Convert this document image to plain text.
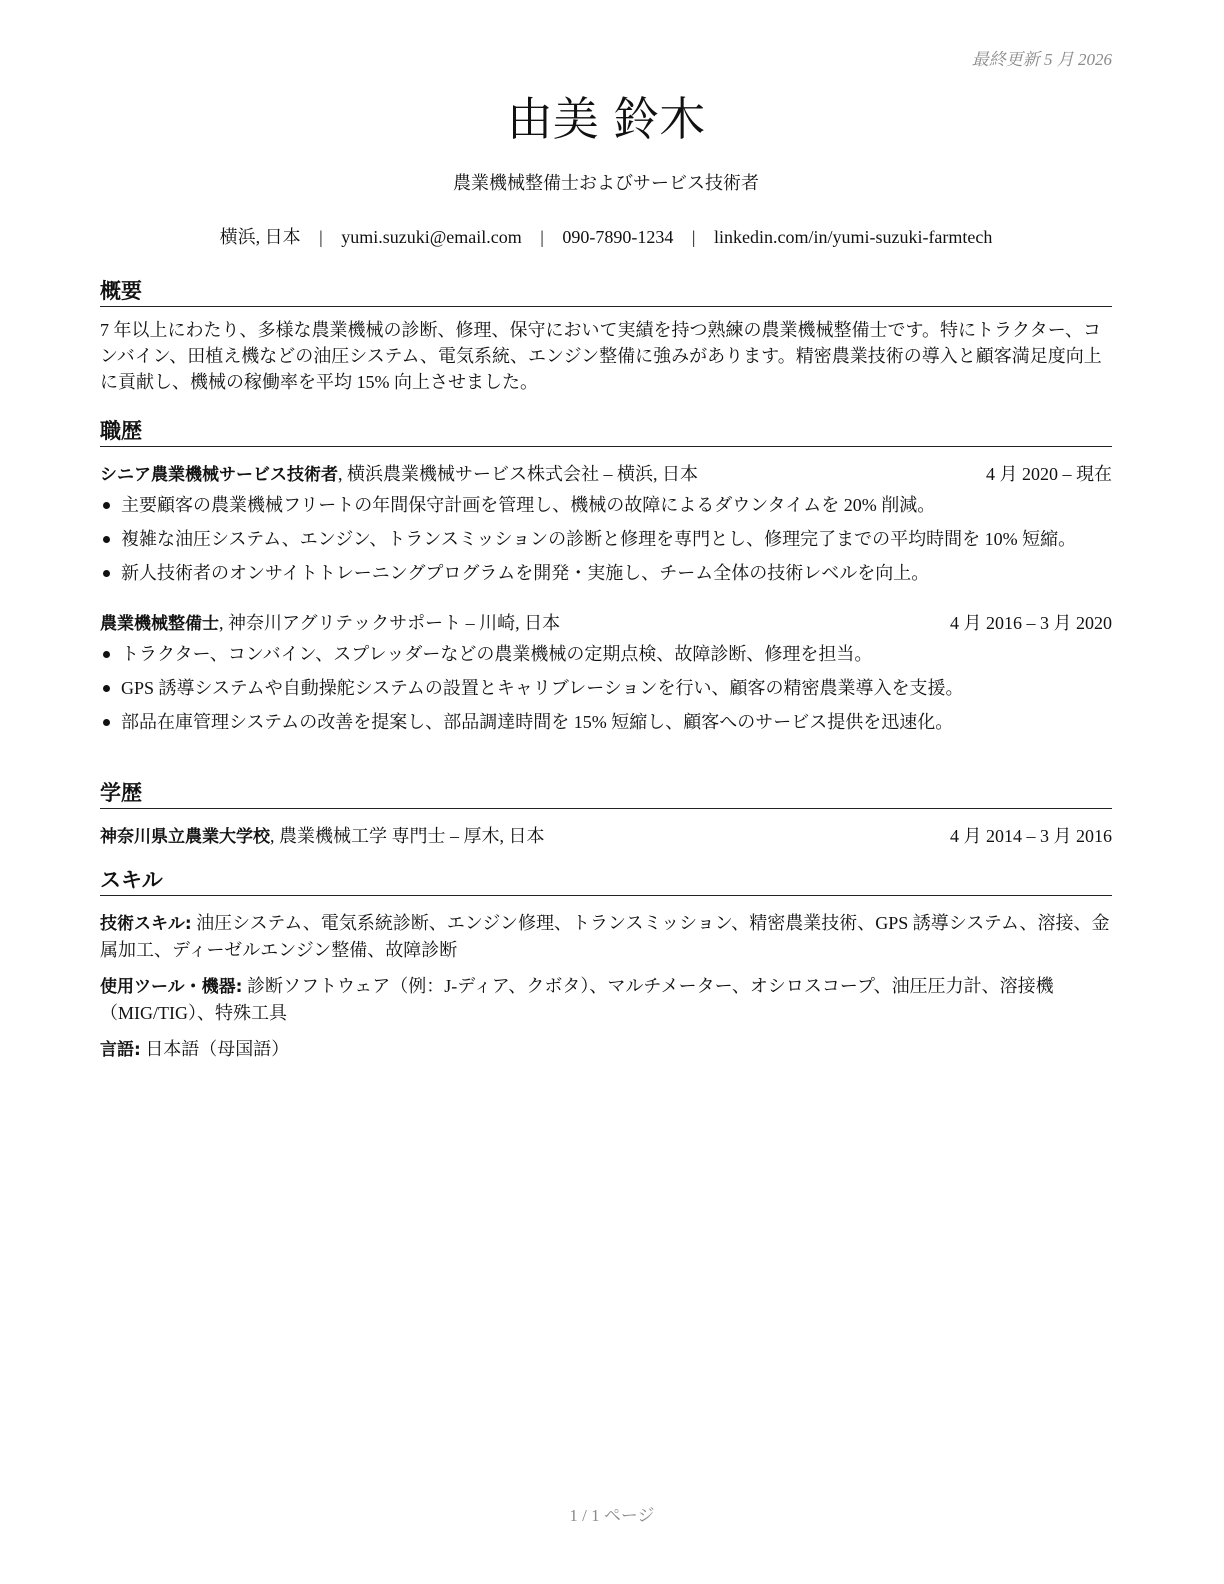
最終更新 5 月 2026
由美 鈴木
農業機械整備士およびサービス技術者
横浜, 日本 | yumi.suzuki@email.com | 090-7890-1234 | linkedin.com/in/yumi-suzuki-farmtech
概要

7 年以上にわたり、多様な農業機械の診断、修理、保守において実績を持つ熟練の農業機械整備士です。特にトラクター、コンバイン、田植え機などの油圧システム、電気系統、エンジン整備に強みがあります。精密農業技術の導入と顧客満足度向上に貢献し、機械の稼働率を平均 15% 向上させました。

職歴
シニア農業機械サービス技術者, 横浜農業機械サービス株式会社 – 横浜, 日本	4 月 2020 – 現在
主要顧客の農業機械フリートの年間保守計画を管理し、機械の故障によるダウンタイムを 20% 削減。
複雑な油圧システム、エンジン、トランスミッションの診断と修理を専門とし、修理完了までの平均時間を 10% 短縮。
新人技術者のオンサイトトレーニングプログラムを開発・実施し、チーム全体の技術レベルを向上。
農業機械整備士, 神奈川アグリテックサポート – 川崎, 日本	4 月 2016 – 3 月 2020
トラクター、コンバイン、スプレッダーなどの農業機械の定期点検、故障診断、修理を担当。
GPS 誘導システムや自動操舵システムの設置とキャリブレーションを行い、顧客の精密農業導入を支援。
部品在庫管理システムの改善を提案し、部品調達時間を 15% 短縮し、顧客へのサービス提供を迅速化。
学歴
神奈川県立農業大学校, 農業機械工学 専門士 – 厚木, 日本	4 月 2014 – 3 月 2016
スキル

技術スキル: 油圧システム、電気系統診断、エンジン修理、トランスミッション、精密農業技術、GPS 誘導システム、溶接、金属加工、ディーゼルエンジン整備、故障診断

使用ツール・機器: 診断ソフトウェア（例：J-ディア、クボタ）、マルチメーター、オシロスコープ、油圧圧力計、溶接機（MIG/TIG）、特殊工具

言語: 日本語（母国語）

1 / 1 ページ
